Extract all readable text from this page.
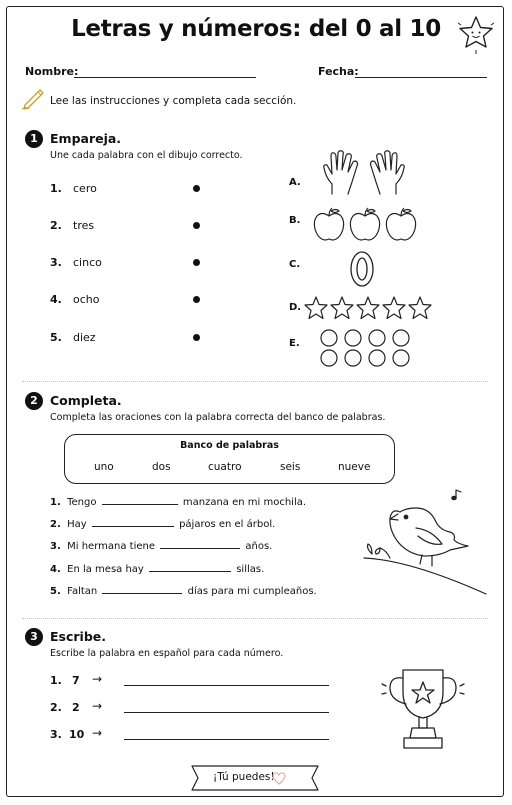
Letras y números: del 0 al 10
Nombre:	Fecha:
Lee las instrucciones y completa cada sección.
1 Empareja.
Une cada palabra con el dibujo correcto.
1. cero
2. tres
3. cinco
4. ocho
5. diez
A.
B.
C.
D.
E.
2 Completa.
Completa las oraciones con la palabra correcta del banco de palabras.
Banco de palabras
uno	dos	cuatro	seis	nueve
1. Tengo	manzana en mi mochila.
2. Hay	pájaros en el árbol.
3. Mi hermana tiene	años.
4. En la mesa hay	sillas.
5. Faltan	días para mi cumpleaños.
3 Escribe.
Escribe la palabra en español para cada número.
1. 7 →
2. 2 →
3. 10 →
¡Tú puedes!
